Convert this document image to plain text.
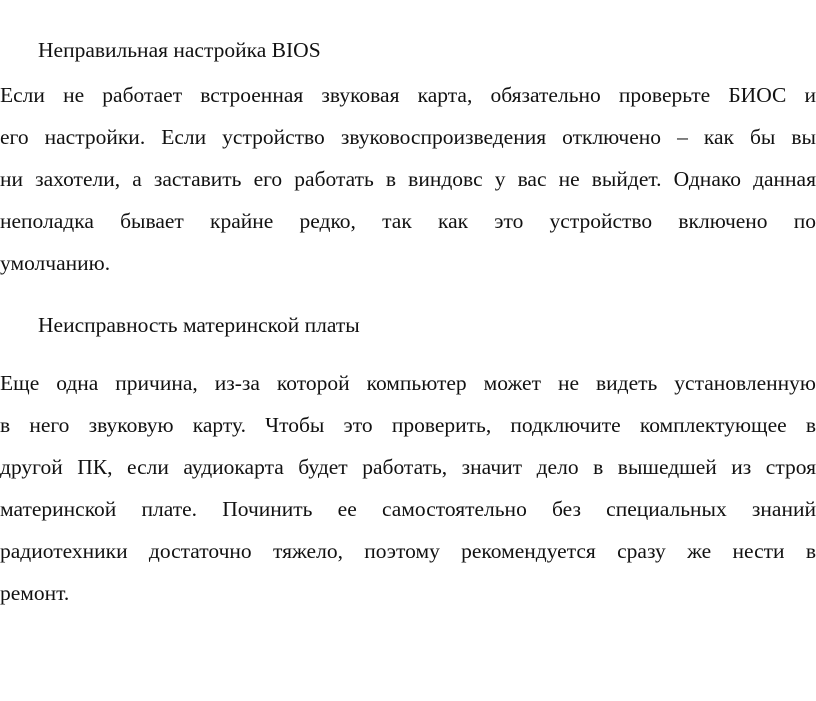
Неправильная настройка BIOS
Если не работает встроенная звуковая карта, обязательно проверьте БИОС и
его настройки. Если устройство звуковоспроизведения отключено – как бы вы
ни захотели, а заставить его работать в виндовс у вас не выйдет. Однако данная
неполадка бывает крайне редко, так как это устройство включено по
умолчанию.
Неисправность материнской платы
Еще одна причина, из-за которой компьютер может не видеть установленную
в него звуковую карту. Чтобы это проверить, подключите комплектующее в
другой ПК, если аудиокарта будет работать, значит дело в вышедшей из строя
материнской плате. Починить ее самостоятельно без специальных знаний
радиотехники достаточно тяжело, поэтому рекомендуется сразу же нести в
ремонт.
